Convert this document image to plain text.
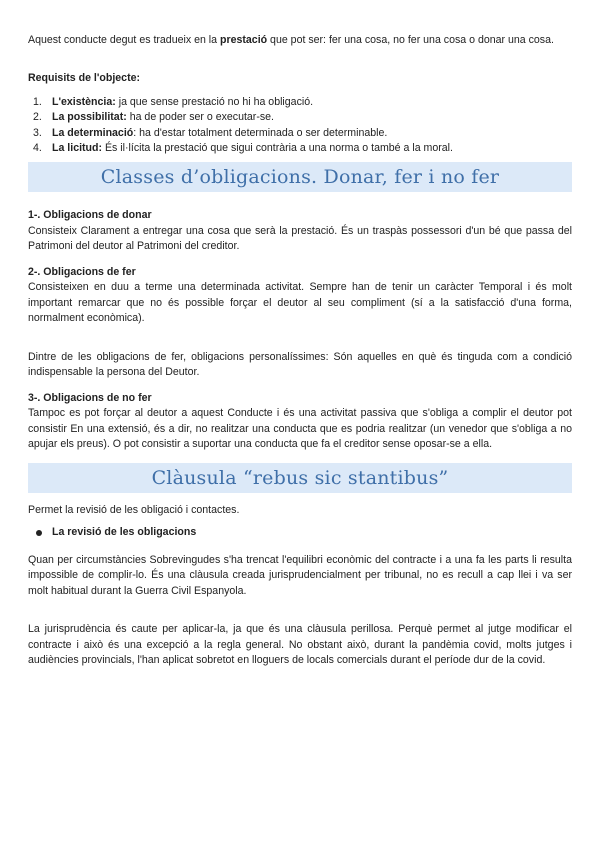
Aquest conducte degut es tradueix en la prestació que pot ser: fer una cosa, no fer una cosa o donar una cosa.

Requisits de l'objecte:
1. L'existència: ja que sense prestació no hi ha obligació.
2. La possibilitat: ha de poder ser o executar-se.
3. La determinació: ha d'estar totalment determinada o ser determinable.
4. La licitud: És il·lícita la prestació que sigui contrària a una norma o també a la moral.
Classes d’obligacions. Donar, fer i no fer
1-. Obligacions de donar

Consisteix Clarament a entregar una cosa que serà la prestació. És un traspàs possessori d'un bé que passa del Patrimoni del deutor al Patrimoni del creditor.

2-. Obligacions de fer

Consisteixen en duu a terme una determinada activitat. Sempre han de tenir un caràcter Temporal i és molt important remarcar que no és possible forçar el deutor al seu compliment (sí a la satisfacció d'una forma, normalment econòmica).

Dintre de les obligacions de fer, obligacions personalíssimes: Són aquelles en què és tinguda com a condició indispensable la persona del Deutor.

3-. Obligacions de no fer

Tampoc es pot forçar al deutor a aquest Conducte i és una activitat passiva que s'obliga a complir el deutor pot consistir En una extensió, és a dir, no realitzar una conducta que es podria realitzar (un venedor que s'obliga a no apujar els preus). O pot consistir a suportar una conducta que fa el creditor sense oposar-se a ella.

Clàusula “rebus sic stantibus”

Permet la revisió de les obligació i contactes.

La revisió de les obligacions

Quan per circumstàncies Sobrevingudes s'ha trencat l'equilibri econòmic del contracte i a una fa les parts li resulta impossible de complir-lo. És una clàusula creada jurisprudencialment per tribunal, no es recull a cap llei i va ser molt habitual durant la Guerra Civil Espanyola.

La jurisprudència és caute per aplicar-la, ja que és una clàusula perillosa. Perquè permet al jutge modificar el contracte i això és una excepció a la regla general. No obstant això, durant la pandèmia covid, molts jutges i audiències provincials, l'han aplicat sobretot en lloguers de locals comercials durant el període dur de la covid.
